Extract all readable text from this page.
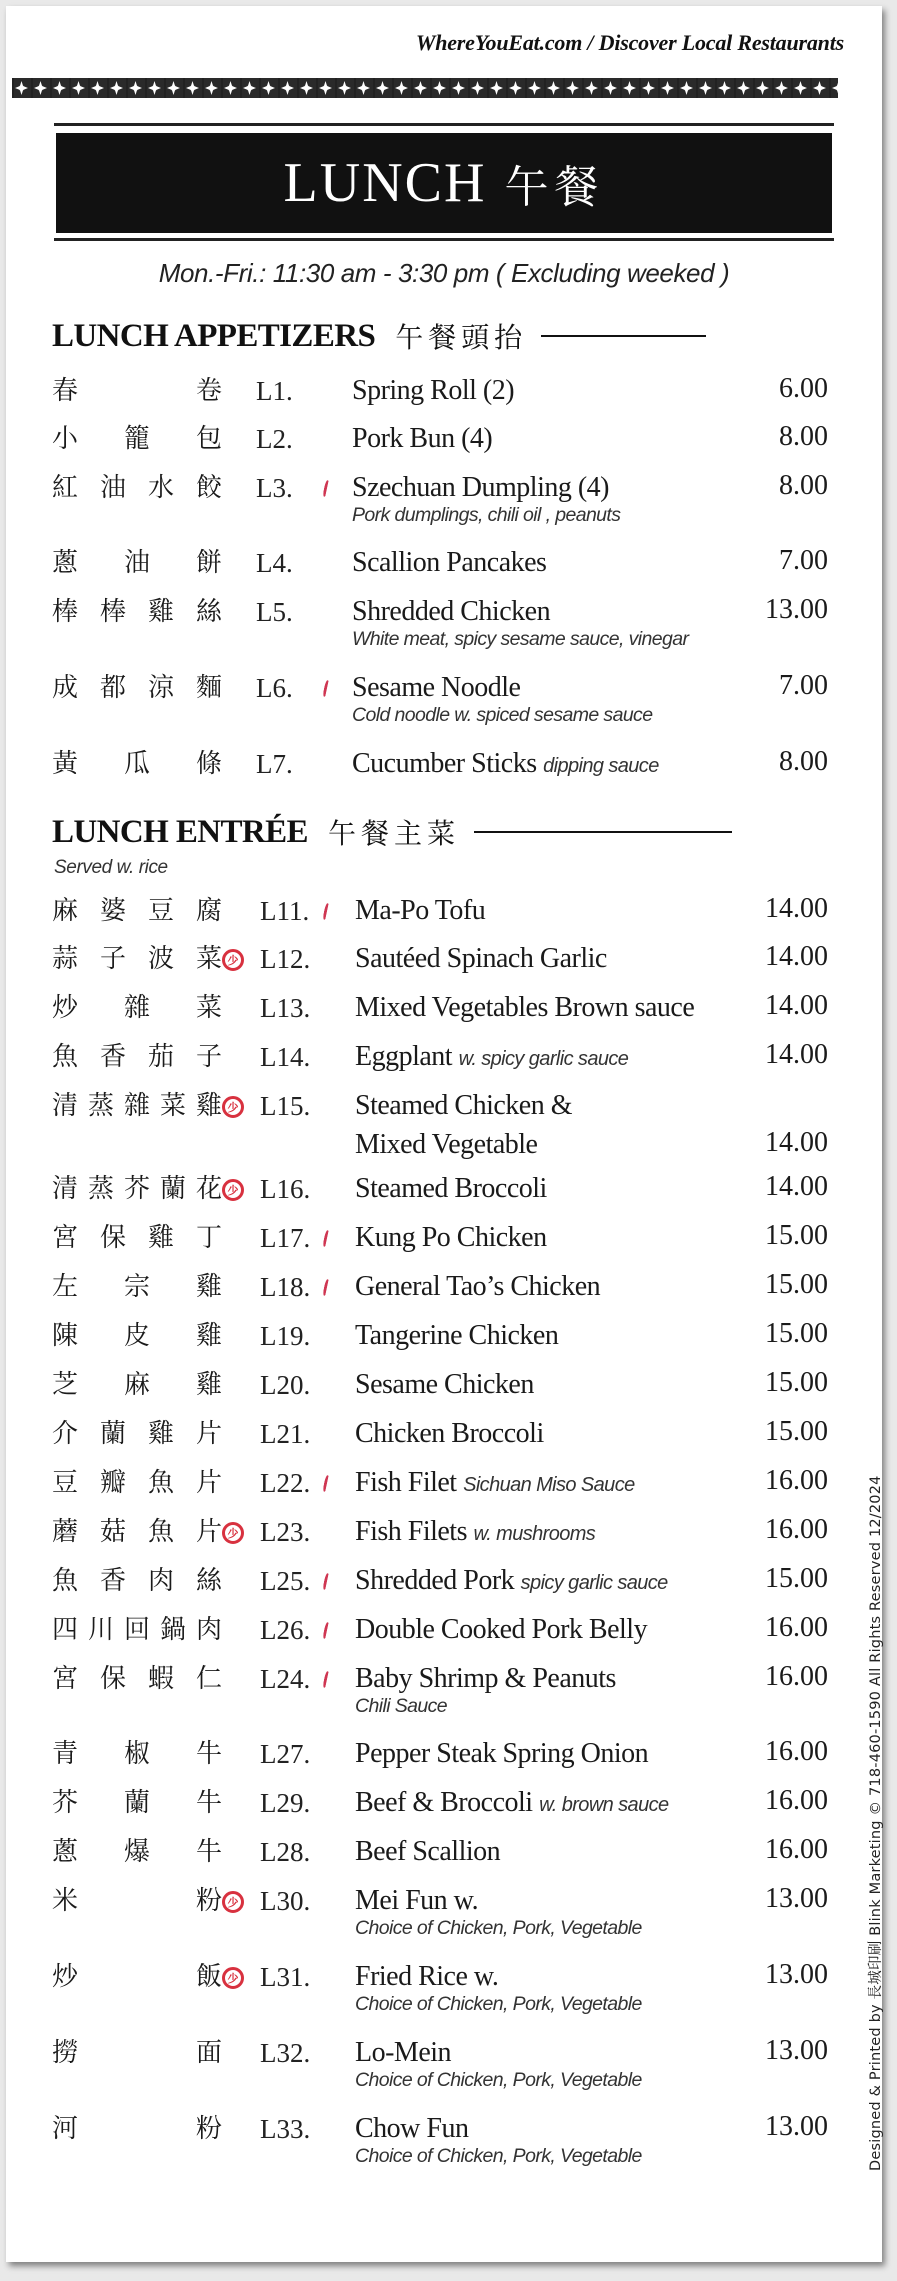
WhereYouEat.com / Discover Local Restaurants
LUNCH 午餐
Mon.-Fri.: 11:30 am - 3:30 pm ( Excluding weeked )
LUNCH APPETIZERS 午餐頭抬
春	卷 L1. Spring Roll (2)	6.00
小 籠 包 L2. Pork Bun (4)	8.00
紅 油 水 餃 L3. Szechuan Dumpling (4)
Pork dumplings, chili oil , peanuts
8.00
蔥 油 餅 L4. Scallion Pancakes	7.00
棒 棒 雞 絲 L5. Shredded Chicken
White meat, spicy sesame sauce, vinegar
13.00
成 都 涼 麵 L6. Sesame Noodle
Cold noodle w. spiced sesame sauce
7.00
黃 瓜 條 L7. Cucumber Sticks dipping sauce	8.00
LUNCH ENTRÉE 午餐主菜
Served w. rice
麻 婆 豆 腐 L11. Ma-Po Tofu	14.00
蒜 子 波 菜 少 L12. Sautéed Spinach Garlic	14.00
炒 雜 菜 L13. Mixed Vegetables Brown sauce	14.00
魚 香 茄 子 L14. Eggplant w. spicy garlic sauce	14.00
清 蒸 雜 菜 雞 少 L15. Steamed Chicken &
Mixed Vegetable	14.00
清 蒸 芥 蘭 花 少 L16. Steamed Broccoli	14.00
宮 保 雞 丁 L17. Kung Po Chicken	15.00
左 宗 雞 L18. General Tao’s Chicken	15.00
陳 皮 雞 L19. Tangerine Chicken	15.00
芝 麻 雞 L20. Sesame Chicken	15.00
介 蘭 雞 片 L21. Chicken Broccoli	15.00
豆 瓣 魚 片 L22. Fish Filet Sichuan Miso Sauce	16.00
蘑 菇 魚 片 少 L23. Fish Filets w. mushrooms	16.00
魚 香 肉 絲 L25. Shredded Pork spicy garlic sauce	15.00
四 川 回 鍋 肉 L26. Double Cooked Pork Belly	16.00
宮 保 蝦 仁 L24. Baby Shrimp & Peanuts
Chili Sauce
16.00
青 椒 牛 L27. Pepper Steak Spring Onion	16.00
芥 蘭 牛 L29. Beef & Broccoli w. brown sauce	16.00
蔥 爆 牛 L28. Beef Scallion	16.00
米	粉 少 L30. Mei Fun w.
Choice of Chicken, Pork, Vegetable
13.00
炒	飯 少 L31. Fried Rice w.
Choice of Chicken, Pork, Vegetable
13.00
撈	面 L32. Lo-Mein
Choice of Chicken, Pork, Vegetable
13.00
河	粉 L33. Chow Fun
Choice of Chicken, Pork, Vegetable
13.00	Designed & Printed by 長城印刷 Blink Marketing © 718-460-1590 All Rights Reserved 12/2024
